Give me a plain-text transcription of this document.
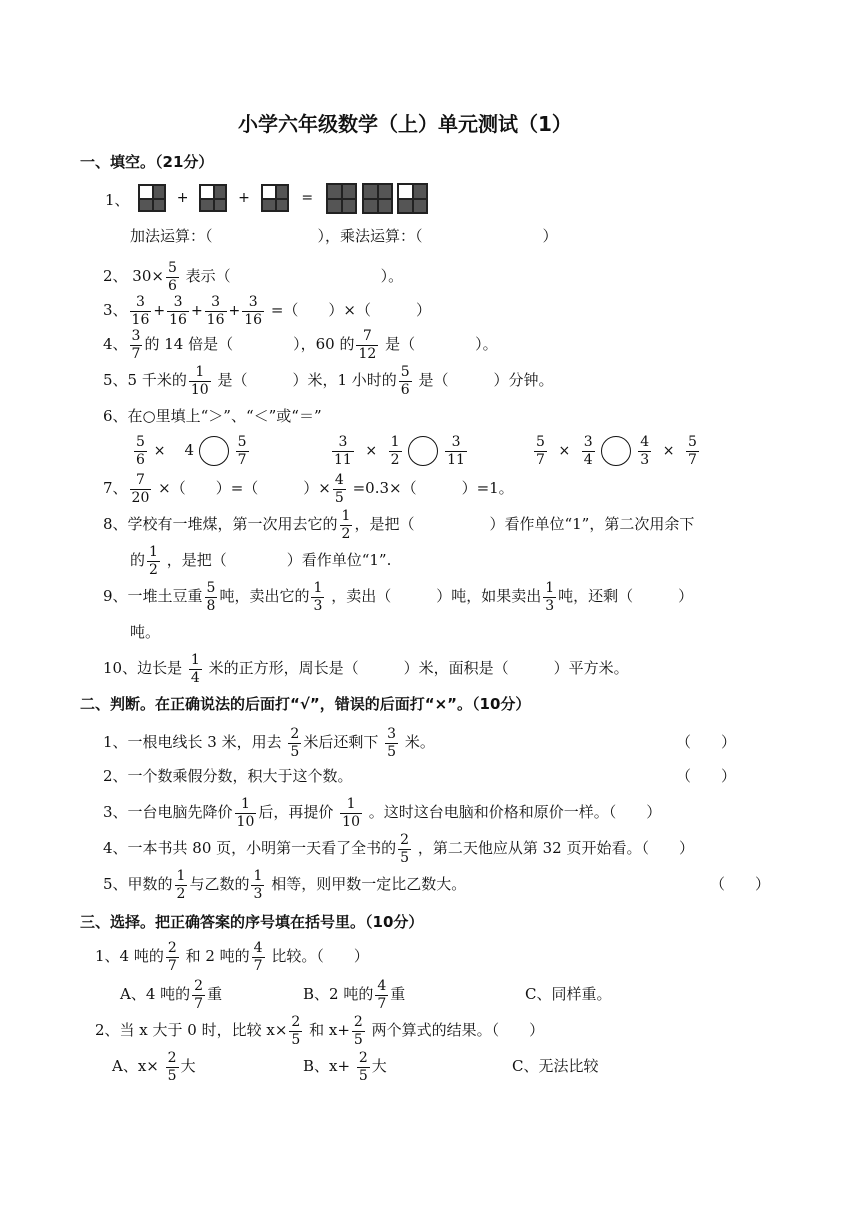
小学六年级数学（上）单元测试（1）
一、填空。（21分）
1、	+	+	=

加法运算：（　　　　　　　），乘法运算：（　　　　　　　　）
2、 $30\times \frac{5}{6}$ 表示（　　　　　　　　　　）。
3、 $\frac{3}{16} + \frac{3}{16} + \frac{3}{16} + \frac{3}{16}$ =（　　）×（　　　）
4、 $\frac{3}{7}$ 的 14 倍是（　　　　），60 的 $\frac{7}{12}$ 是（　　　　）。
5、5 千米的 $\frac{1}{10}$ 是（　　　）米，1 小时的 $\frac{5}{6}$ 是（　　　）分钟。
6、在○里填上“＞”、“＜”或“＝”
$\frac{5}{6} \times 4$	$\frac{5}{7}$	$\frac{3}{11} \times \frac{1}{2}$
	$\frac{3}{11}$	$\frac{5}{7} \times \frac{3}{4}$
	$\frac{4}{3} \times \frac{5}{7}$
7、 $\frac{7}{20}$ ×（　　）=（　　　）× $\frac{4}{5} =0.3\times$（　　　）=1。
8、学校有一堆煤，第一次用去它的 $\frac{1}{2}$ ，是把（　　　　　）看作单位“1”，第二次用余下
的 $\frac{1}{2}$ ，是把（　　　　）看作单位“1”.
9、一堆土豆重 $\frac{5}{8}$ 吨，卖出它的 $\frac{1}{3}$ ，卖出（　　　）吨，如果卖出 $\frac{1}{3}$ 吨，还剩（　　　）
吨。
10、边长是 $\frac{1}{4}$ 米的正方形，周长是（　　　）米，面积是（　　　）平方米。
二、判断。在正确说法的后面打“√”，错误的后面打“×”。（10分）
1、一根电线长 3 米，用去 $\frac{2}{5}$ 米后还剩下 $\frac{3}{5}$ 米。	（　　）
2、一个数乘假分数，积大于这个数。	（　　）
3、一台电脑先降价 $\frac{1}{10}$ 后，再提价 $\frac{1}{10}$ 。这时这台电脑和价格和原价一样。（　　）
4、一本书共 80 页，小明第一天看了全书的 $\frac{2}{5}$ ，第二天他应从第 32 页开始看。（　　）
5、甲数的 $\frac{1}{2}$ 与乙数的 $\frac{1}{3}$ 相等，则甲数一定比乙数大。	（　　）
三、选择。把正确答案的序号填在括号里。（10分）
1、4 吨的 $\frac{2}{7}$ 和 2 吨的 $\frac{4}{7}$ 比较。（　　）
A、4 吨的 $\frac{2}{7}$ 重	B、2 吨的 $\frac{4}{7}$ 重	C、同样重。
2、当 x 大于 0 时，比较 $x\times \frac{2}{5}$ 和 $x+ \frac{2}{5}$ 两个算式的结果。（　　）
A、$x\times \frac{2}{5}$ 大	B、$x+ \frac{2}{5}$ 大	C、无法比较
